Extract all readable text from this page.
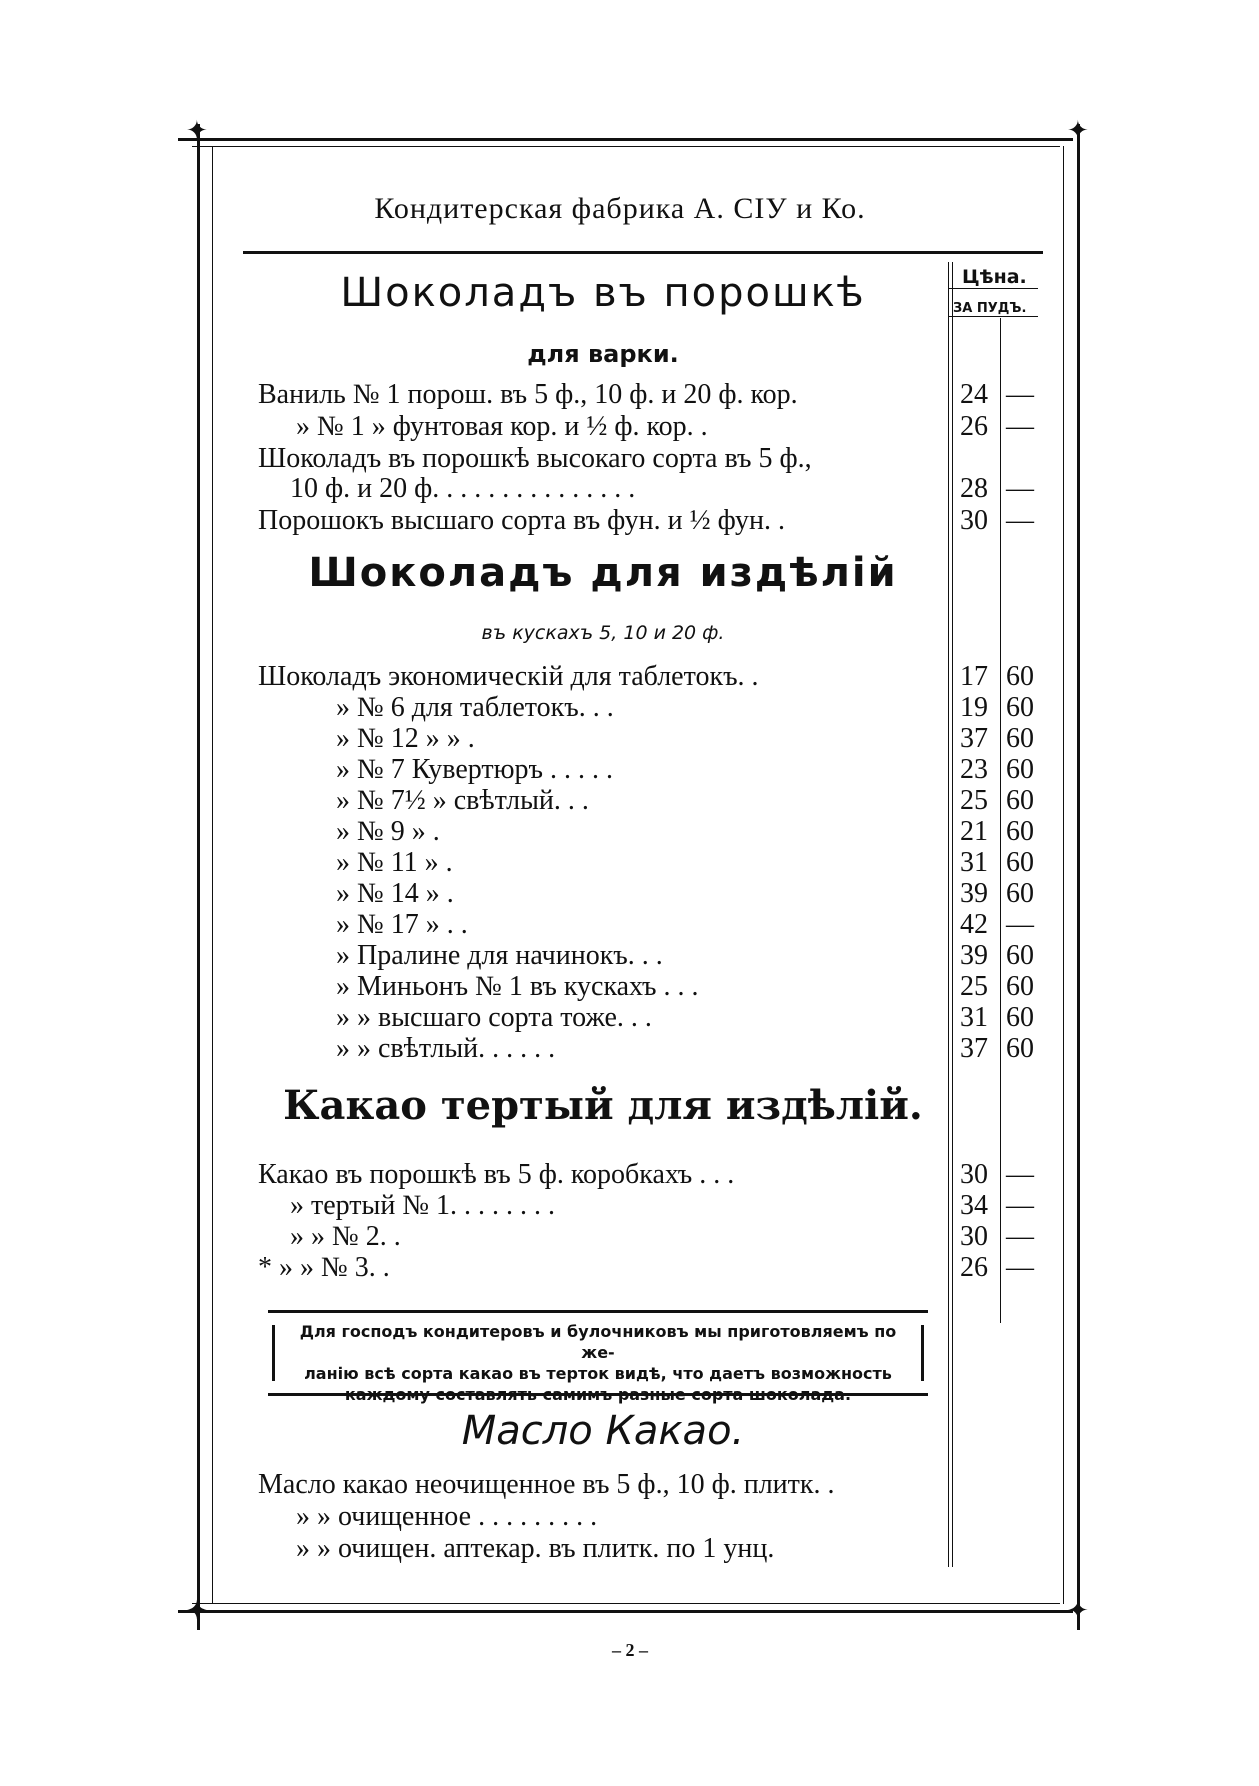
✦	✦
✦	✦
Кондитерская фабрика А. СІУ и Ко.
Цѣна.
ЗА ПУДЪ.
Шоколадъ въ порошкѣ
для варки.
Ваниль № 1 порош. въ 5 ф., 10 ф. и 20 ф. кор.	24 —
» № 1 » фунтовая кор. и ½ ф. кор. .	26 —
Шоколадъ въ порошкѣ высокаго сорта въ 5 ф.,
10 ф. и 20 ф. . . . . . . . . . . . . . .	28 —
Порошокъ высшаго сорта въ фун. и ½ фун. .	30 —
Шоколадъ для издѣлій
въ кускахъ 5, 10 и 20 ф.
Шоколадъ экономическій для таблетокъ. .	17 60
» № 6 для таблетокъ. . .	19 60
» № 12 » » .	37 60
» № 7 Кувертюръ . . . . .	23 60
» № 7½ » свѣтлый. . .	25 60
» № 9 » .	21 60
» № 11 » .	31 60
» № 14 » .	39 60
» № 17 » . .	42 —
» Пралине для начинокъ. . .	39 60
» Миньонъ № 1 въ кускахъ . . .	25 60
» » высшаго сорта тоже. . .	31 60
» » свѣтлый. . . . . .	37 60
Какао тертый для издѣлій.
Какао въ порошкѣ въ 5 ф. коробкахъ . . .	30 —
» тертый № 1. . . . . . . .	34 —
» » № 2. .	30 —
* » » № 3. .	26 —
Для господъ кондитеровъ и булочниковъ мы приготовляемъ по же-
ланію всѣ сорта какао въ терток видѣ, что даетъ возможность
каждому составлять самимъ разные сорта шоколада.
Масло Какао.
Масло какао неочищенное въ 5 ф., 10 ф. плитк. .
» » очищенное . . . . . . . . .
» » очищен. аптекар. въ плитк. по 1 унц.
– 2 –
